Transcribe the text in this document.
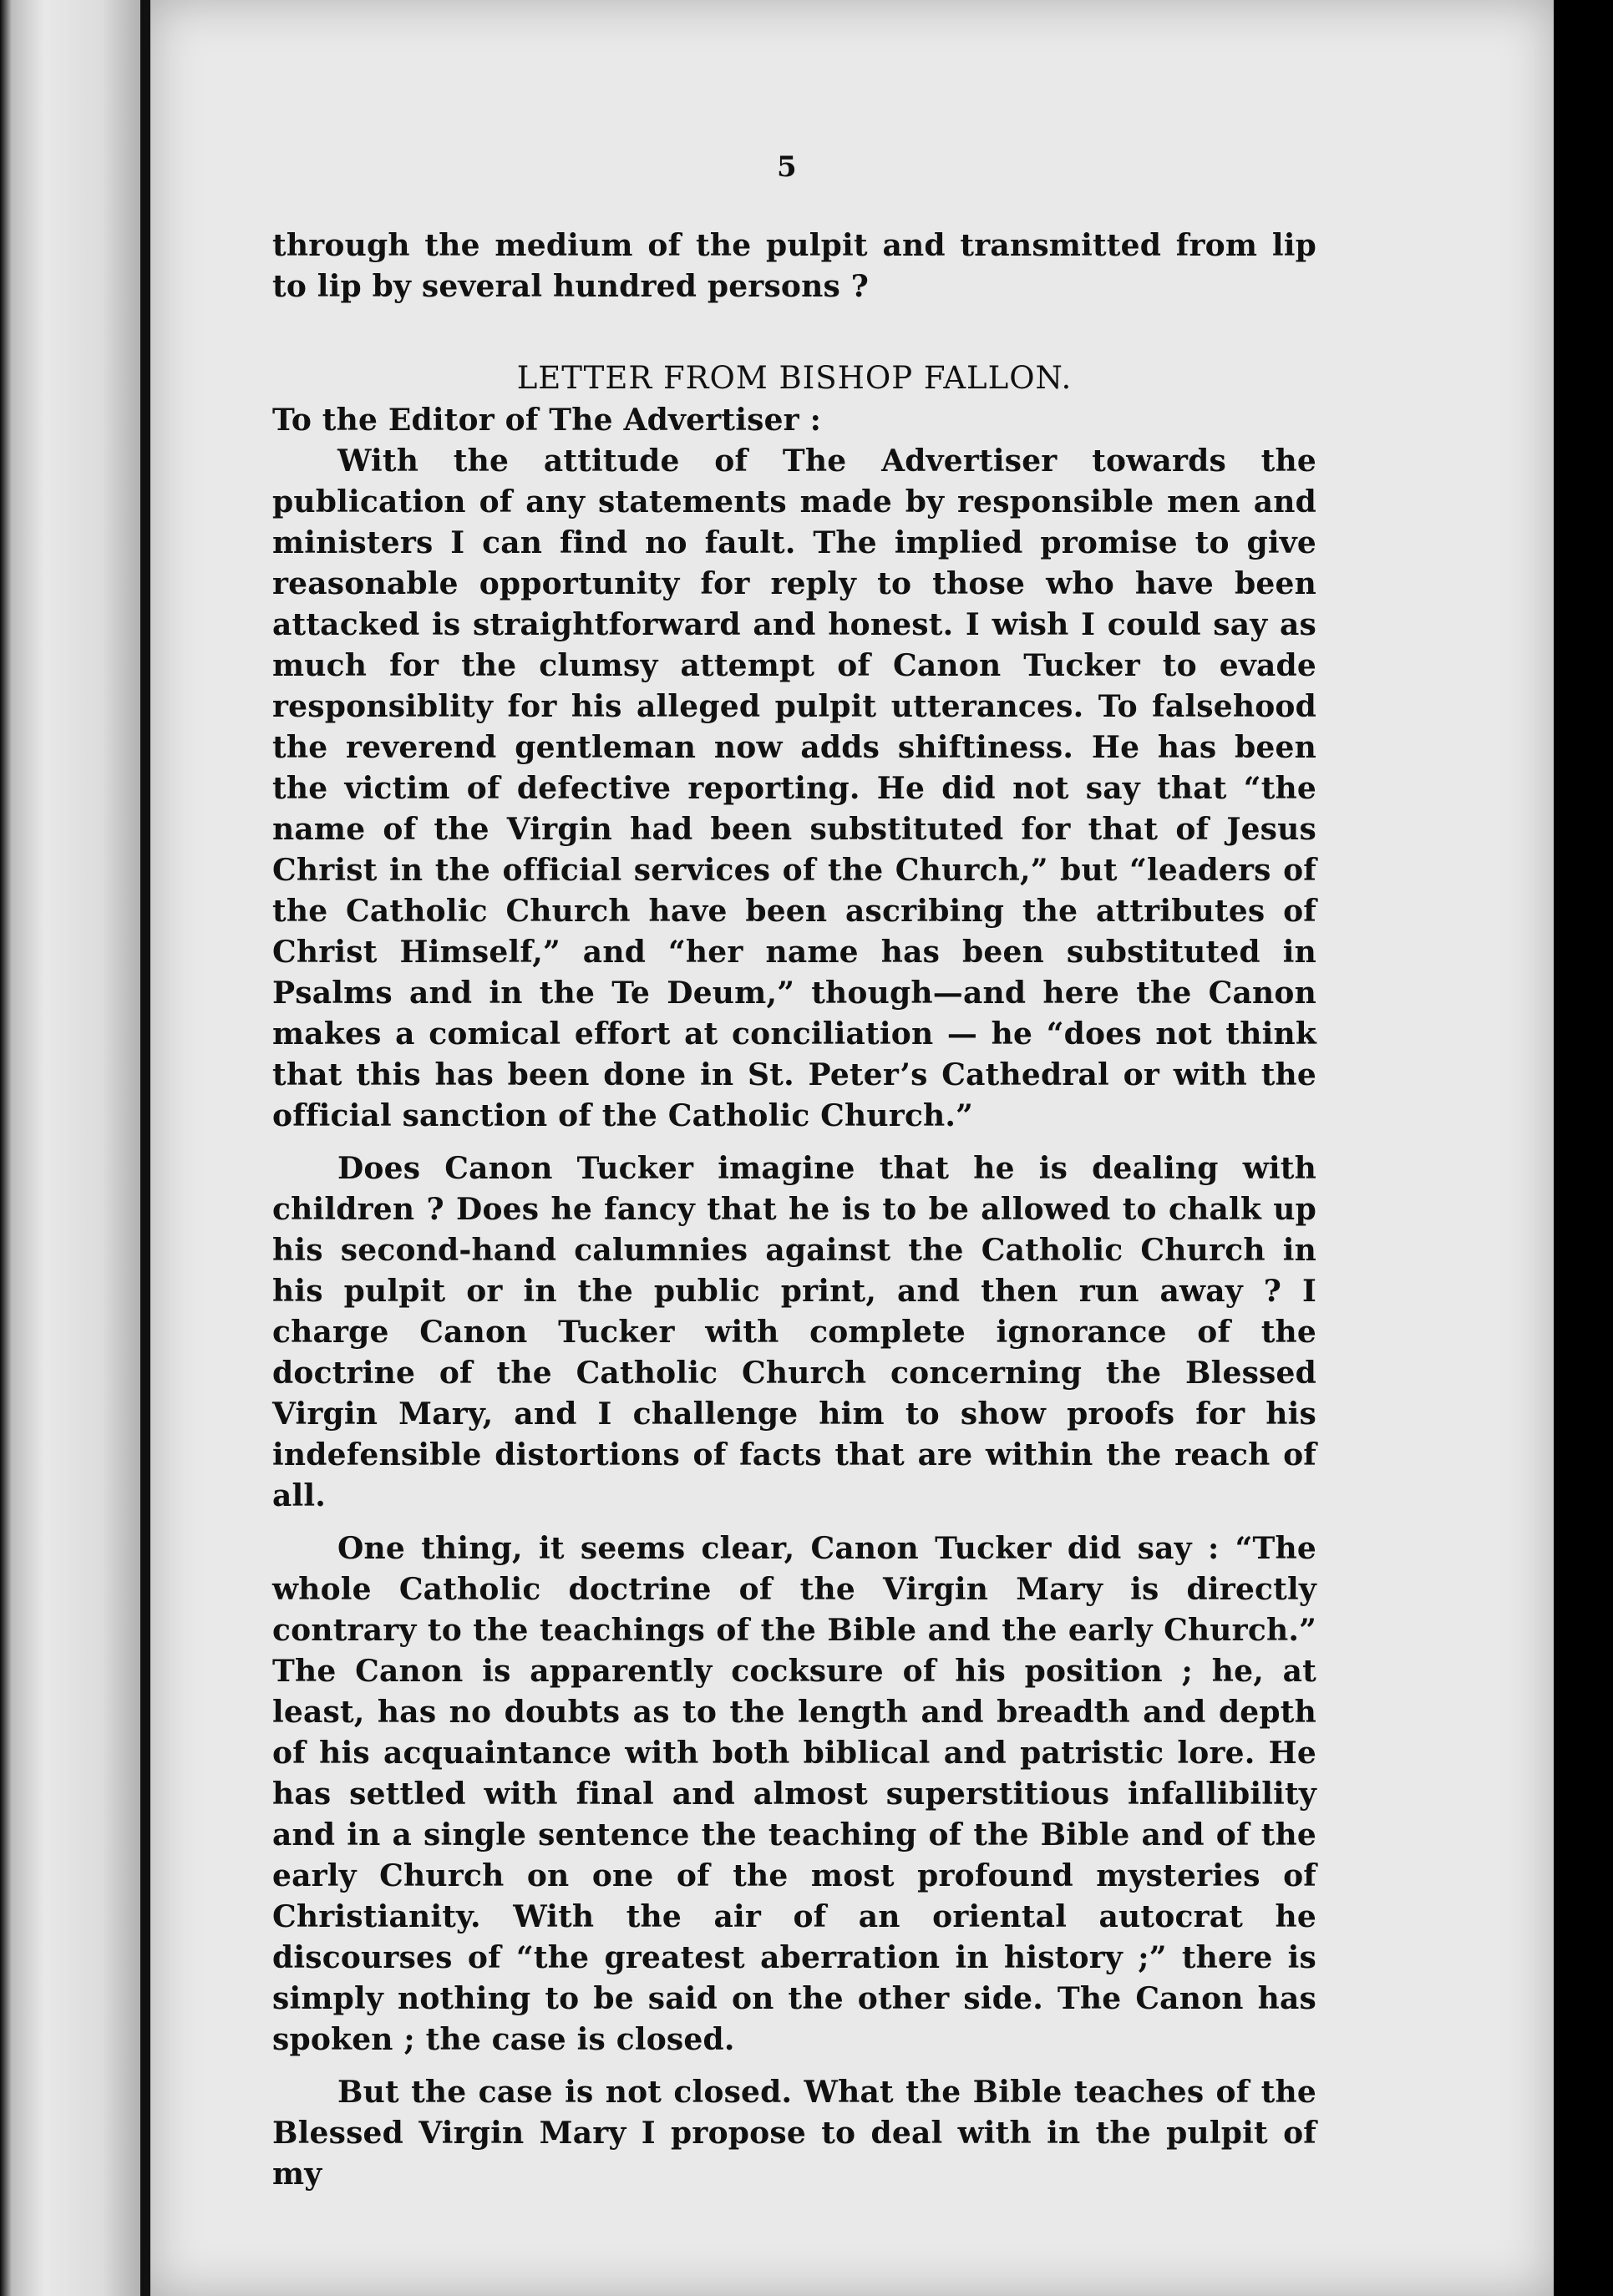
5

through the medium of the pulpit and transmitted from lip to lip by several hundred persons ?

LETTER FROM BISHOP FALLON.

To the Editor of The Advertiser :

With the attitude of The Advertiser towards the publication of any statements made by responsible men and ministers I can find no fault. The implied promise to give reasonable opportunity for reply to those who have been attacked is straightforward and honest. I wish I could say as much for the clumsy attempt of Canon Tucker to evade responsiblity for his alleged pulpit utterances. To falsehood the reverend gentleman now adds shiftiness. He has been the victim of defective reporting. He did not say that “the name of the Virgin had been substituted for that of Jesus Christ in the official services of the Church,” but “leaders of the Catholic Church have been ascribing the attributes of Christ Himself,” and “her name has been substituted in Psalms and in the Te Deum,” though—and here the Canon makes a comical effort at conciliation — he “does not think that this has been done in St. Peter’s Cathedral or with the official sanction of the Catholic Church.”

Does Canon Tucker imagine that he is dealing with children ? Does he fancy that he is to be allowed to chalk up his second-hand calumnies against the Catholic Church in his pulpit or in the public print, and then run away ? I charge Canon Tucker with complete ignorance of the doctrine of the Catholic Church concerning the Blessed Virgin Mary, and I challenge him to show proofs for his indefensible distortions of facts that are within the reach of all.

One thing, it seems clear, Canon Tucker did say : “The whole Catholic doctrine of the Virgin Mary is directly contrary to the teachings of the Bible and the early Church.” The Canon is apparently cocksure of his position ; he, at least, has no doubts as to the length and breadth and depth of his acquaintance with both biblical and patristic lore. He has settled with final and almost superstitious infallibility and in a single sentence the teaching of the Bible and of the early Church on one of the most profound mysteries of Christianity. With the air of an oriental autocrat he discourses of “the greatest aberration in history ;” there is simply nothing to be said on the other side. The Canon has spoken ; the case is closed.

But the case is not closed. What the Bible teaches of the Blessed Virgin Mary I propose to deal with in the pulpit of my
